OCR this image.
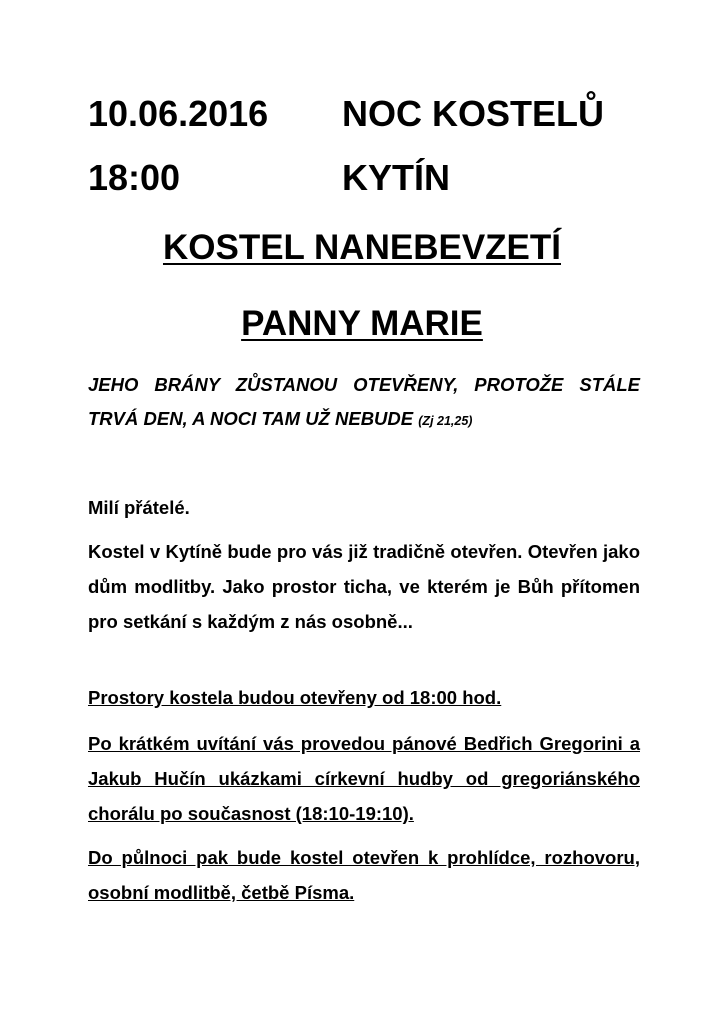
10.06.2016
18:00
NOC KOSTELŮ
KYTÍN
KOSTEL NANEBEVZETÍ
PANNY MARIE
JEHO BRÁNY ZŮSTANOU OTEVŘENY, PROTOŽE STÁLE TRVÁ DEN, A NOCI TAM UŽ NEBUDE (Zj 21,25)
Milí přátelé.
Kostel v Kytíně bude pro vás již tradičně otevřen. Otevřen jako dům modlitby. Jako prostor ticha, ve kterém je Bůh přítomen pro setkání s každým z nás osobně...
Prostory kostela budou otevřeny od 18:00 hod.
Po krátkém uvítání vás provedou pánové Bedřich Gregorini a Jakub Hučín ukázkami církevní hudby od gregoriánského chorálu po současnost (18:10-19:10).
Do půlnoci pak bude kostel otevřen k prohlídce, rozhovoru, osobní modlitbě, četbě Písma.
